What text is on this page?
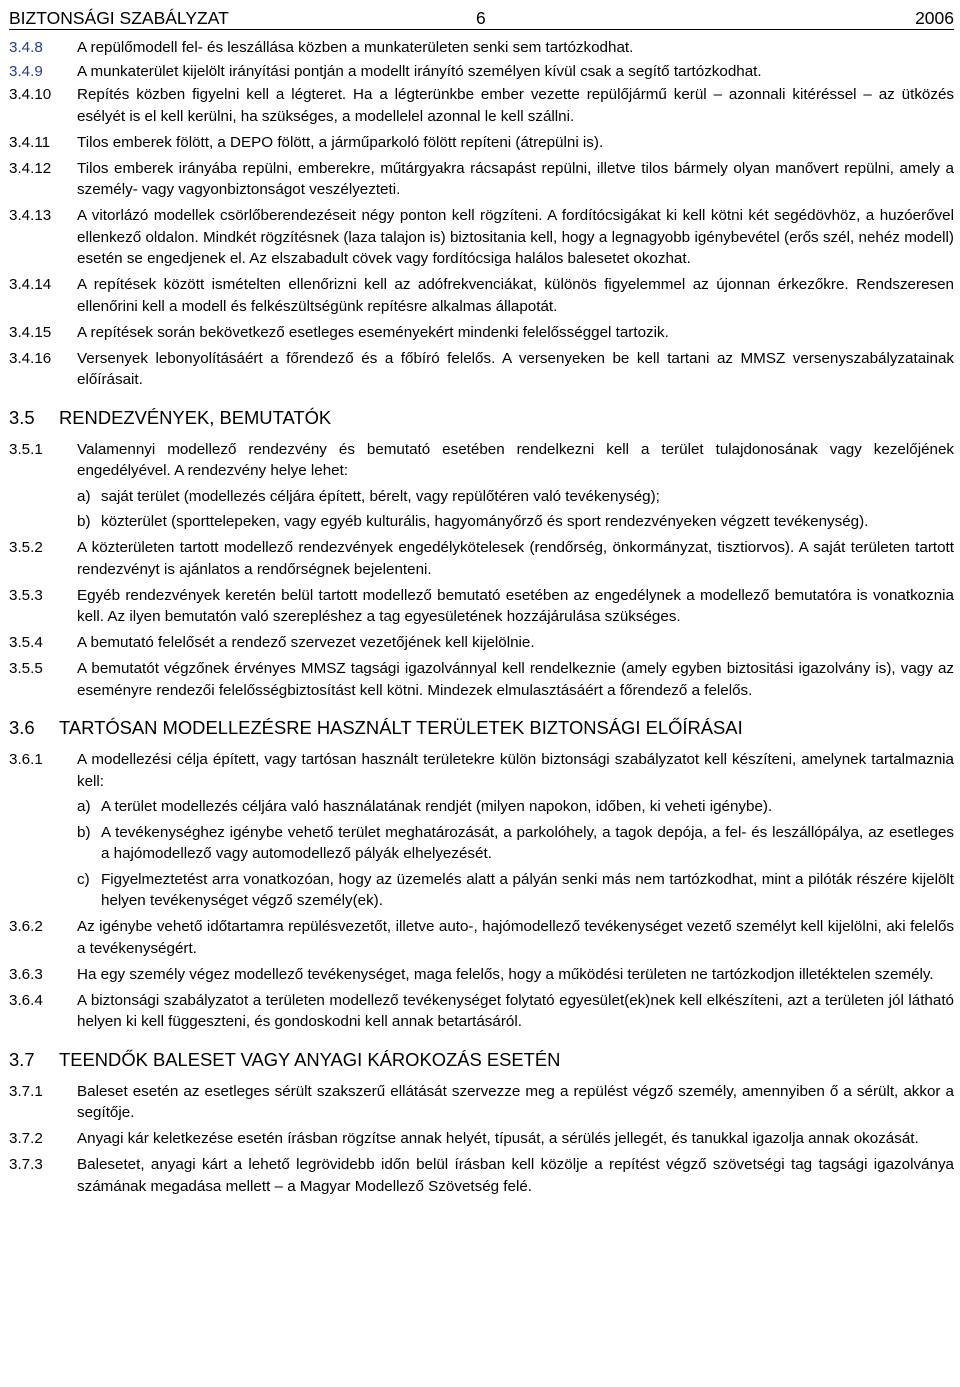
BIZTONSÁGI SZABÁLYZAT	6	2006
3.4.8	A repülőmodell fel- és leszállása közben a munkaterületen senki sem tartózkodhat.
3.4.9	A munkaterület kijelölt irányítási pontján a modellt irányító személyen kívül csak a segítő tartózkodhat.
3.4.10	Repítés közben figyelni kell a légteret. Ha a légterünkbe ember vezette repülőjármű kerül – azonnali kitéréssel – az ütközés esélyét is el kell kerülni, ha szükséges, a modellelel azonnal le kell szállni.
3.4.11	Tilos emberek fölött, a DEPO fölött, a járműparkoló fölött repíteni (átrepülni is).
3.4.12	Tilos emberek irányába repülni, emberekre, műtárgyakra rácsapást repülni, illetve tilos bármely olyan manővert repülni, amely a személy- vagy vagyonbiztonságot veszélyezteti.
3.4.13	A vitorlázó modellek csörlőberendezéseit négy ponton kell rögzíteni. A fordítócsigákat ki kell kötni két segédövhöz, a huzóerővel ellenkező oldalon. Mindkét rögzítésnek (laza talajon is) biztositania kell, hogy a legnagyobb igénybevétel (erős szél, nehéz modell) esetén se engedjenek el. Az elszabadult cövek vagy fordítócsiga halálos balesetet okozhat.
3.4.14	A repítések között ismételten ellenőrizni kell az adófrekvenciákat, különös figyelemmel az újonnan érkezőkre. Rendszeresen ellenőrini kell a modell és felkészültségünk repítésre alkalmas állapotát.
3.4.15	A repítések során bekövetkező esetleges eseményekért mindenki felelősséggel tartozik.
3.4.16	Versenyek lebonyolításáért a főrendező és a főbíró felelős. A versenyeken be kell tartani az MMSZ versenyszabályzatainak előírásait.
3.5	RENDEZVÉNYEK, BEMUTATÓK
3.5.1	Valamennyi modellező rendezvény és bemutató esetében rendelkezni kell a terület tulajdonosának vagy kezelőjének engedélyével. A rendezvény helye lehet:
a) saját terület (modellezés céljára épített, bérelt, vagy repülőtéren való tevékenység);
b) közterület (sporttelepeken, vagy egyéb kulturális, hagyományőrző és sport rendezvényeken végzett tevékenység).
3.5.2	A közterületen tartott modellező rendezvények engedélykötelesek (rendőrség, önkormányzat, tisztiorvos). A saját területen tartott rendezvényt is ajánlatos a rendőrségnek bejelenteni.
3.5.3	Egyéb rendezvények keretén belül tartott modellező bemutató esetében az engedélynek a modellező bemutatóra is vonatkoznia kell. Az ilyen bemutatón való szerepléshez a tag egyesületének hozzájárulása szükséges.
3.5.4	A bemutató felelősét a rendező szervezet vezetőjének kell kijelölnie.
3.5.5	A bemutatót végzőnek érvényes MMSZ tagsági igazolvánnyal kell rendelkeznie (amely egyben biztositási igazolvány is), vagy az eseményre rendezői felelősségbiztosítást kell kötni. Mindezek elmulasztásáért a főrendező a felelős.
3.6	TARTÓSAN MODELLEZÉSRE HASZNÁLT TERÜLETEK BIZTONSÁGI ELŐÍRÁSAI
3.6.1	A modellezési célja épített, vagy tartósan használt területekre külön biztonsági szabályzatot kell készíteni, amelynek tartalmaznia kell:
a) A terület modellezés céljára való használatának rendjét (milyen napokon, időben, ki veheti igénybe).
b) A tevékenységhez igénybe vehető terület meghatározását, a parkolóhely, a tagok depója, a fel- és leszállópálya, az esetleges a hajómodellező vagy automodellező pályák elhelyezését.
c) Figyelmeztetést arra vonatkozóan, hogy az üzemelés alatt a pályán senki más nem tartózkodhat, mint a pilóták részére kijelölt helyen tevékenységet végző személy(ek).
3.6.2	Az igénybe vehető időtartamra repülésvezetőt, illetve auto-, hajómodellező tevékenységet vezető személyt kell kijelölni, aki felelős a tevékenységért.
3.6.3	Ha egy személy végez modellező tevékenységet, maga felelős, hogy a működési területen ne tartózkodjon illetéktelen személy.
3.6.4	A biztonsági szabályzatot a területen modellező tevékenységet folytató egyesület(ek)nek kell elkészíteni, azt a területen jól látható helyen ki kell függeszteni, és gondoskodni kell annak betartásáról.
3.7	TEENDŐK BALESET VAGY ANYAGI KÁROKOZÁS ESETÉN
3.7.1	Baleset esetén az esetleges sérült szakszerű ellátását szervezze meg a repülést végző személy, amennyiben ő a sérült, akkor a segítője.
3.7.2	Anyagi kár keletkezése esetén írásban rögzítse annak helyét, típusát, a sérülés jellegét, és tanukkal igazolja annak okozását.
3.7.3	Balesetet, anyagi kárt a lehető legrövidebb időn belül írásban kell közölje a repítést végző szövetségi tag tagsági igazolványa számának megadása mellett – a Magyar Modellező Szövetség felé.
